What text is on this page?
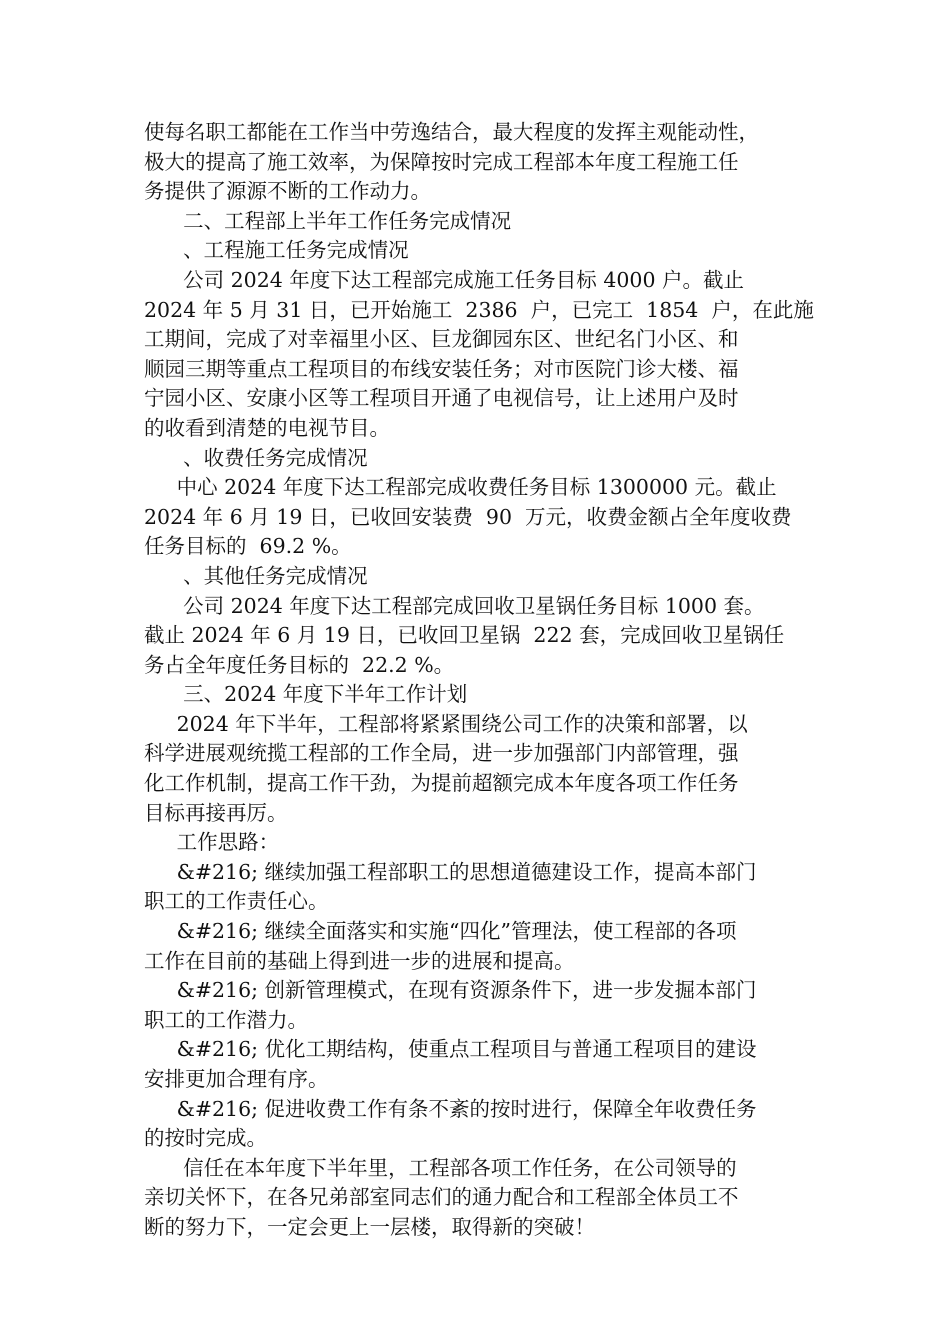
使每名职工都能在工作当中劳逸结合，最大程度的发挥主观能动性，
极大的提高了施工效率，为保障按时完成工程部本年度工程施工任
务提供了源源不断的工作动力。
二、工程部上半年工作任务完成情况
、工程施工任务完成情况
公司 2024 年度下达工程部完成施工任务目标 4000 户。截止
2024 年 5 月 31 日，已开始施工  2386  户，已完工  1854  户，在此施
工期间，完成了对幸福里小区、巨龙御园东区、世纪名门小区、和
顺园三期等重点工程项目的布线安装任务；对市医院门诊大楼、福
宁园小区、安康小区等工程项目开通了电视信号，让上述用户及时
的收看到清楚的电视节目。
、收费任务完成情况
中心 2024 年度下达工程部完成收费任务目标 1300000 元。截止
2024 年 6 月 19 日，已收回安装费  90  万元，收费金额占全年度收费
任务目标的  69.2 %。
、其他任务完成情况
公司 2024 年度下达工程部完成回收卫星锅任务目标 1000 套。
截止 2024 年 6 月 19 日，已收回卫星锅  222 套，完成回收卫星锅任
务占全年度任务目标的  22.2 %。
三、2024 年度下半年工作计划
2024 年下半年，工程部将紧紧围绕公司工作的决策和部署，以
科学进展观统揽工程部的工作全局，进一步加强部门内部管理，强
化工作机制，提高工作干劲，为提前超额完成本年度各项工作任务
目标再接再厉。
工作思路：
&#216; 继续加强工程部职工的思想道德建设工作，提高本部门
职工的工作责任心。
&#216; 继续全面落实和实施“四化”管理法，使工程部的各项
工作在目前的基础上得到进一步的进展和提高。
&#216; 创新管理模式，在现有资源条件下，进一步发掘本部门
职工的工作潜力。
&#216; 优化工期结构，使重点工程项目与普通工程项目的建设
安排更加合理有序。
&#216; 促进收费工作有条不紊的按时进行，保障全年收费任务
的按时完成。
信任在本年度下半年里，工程部各项工作任务，在公司领导的
亲切关怀下，在各兄弟部室同志们的通力配合和工程部全体员工不
断的努力下，一定会更上一层楼，取得新的突破！
